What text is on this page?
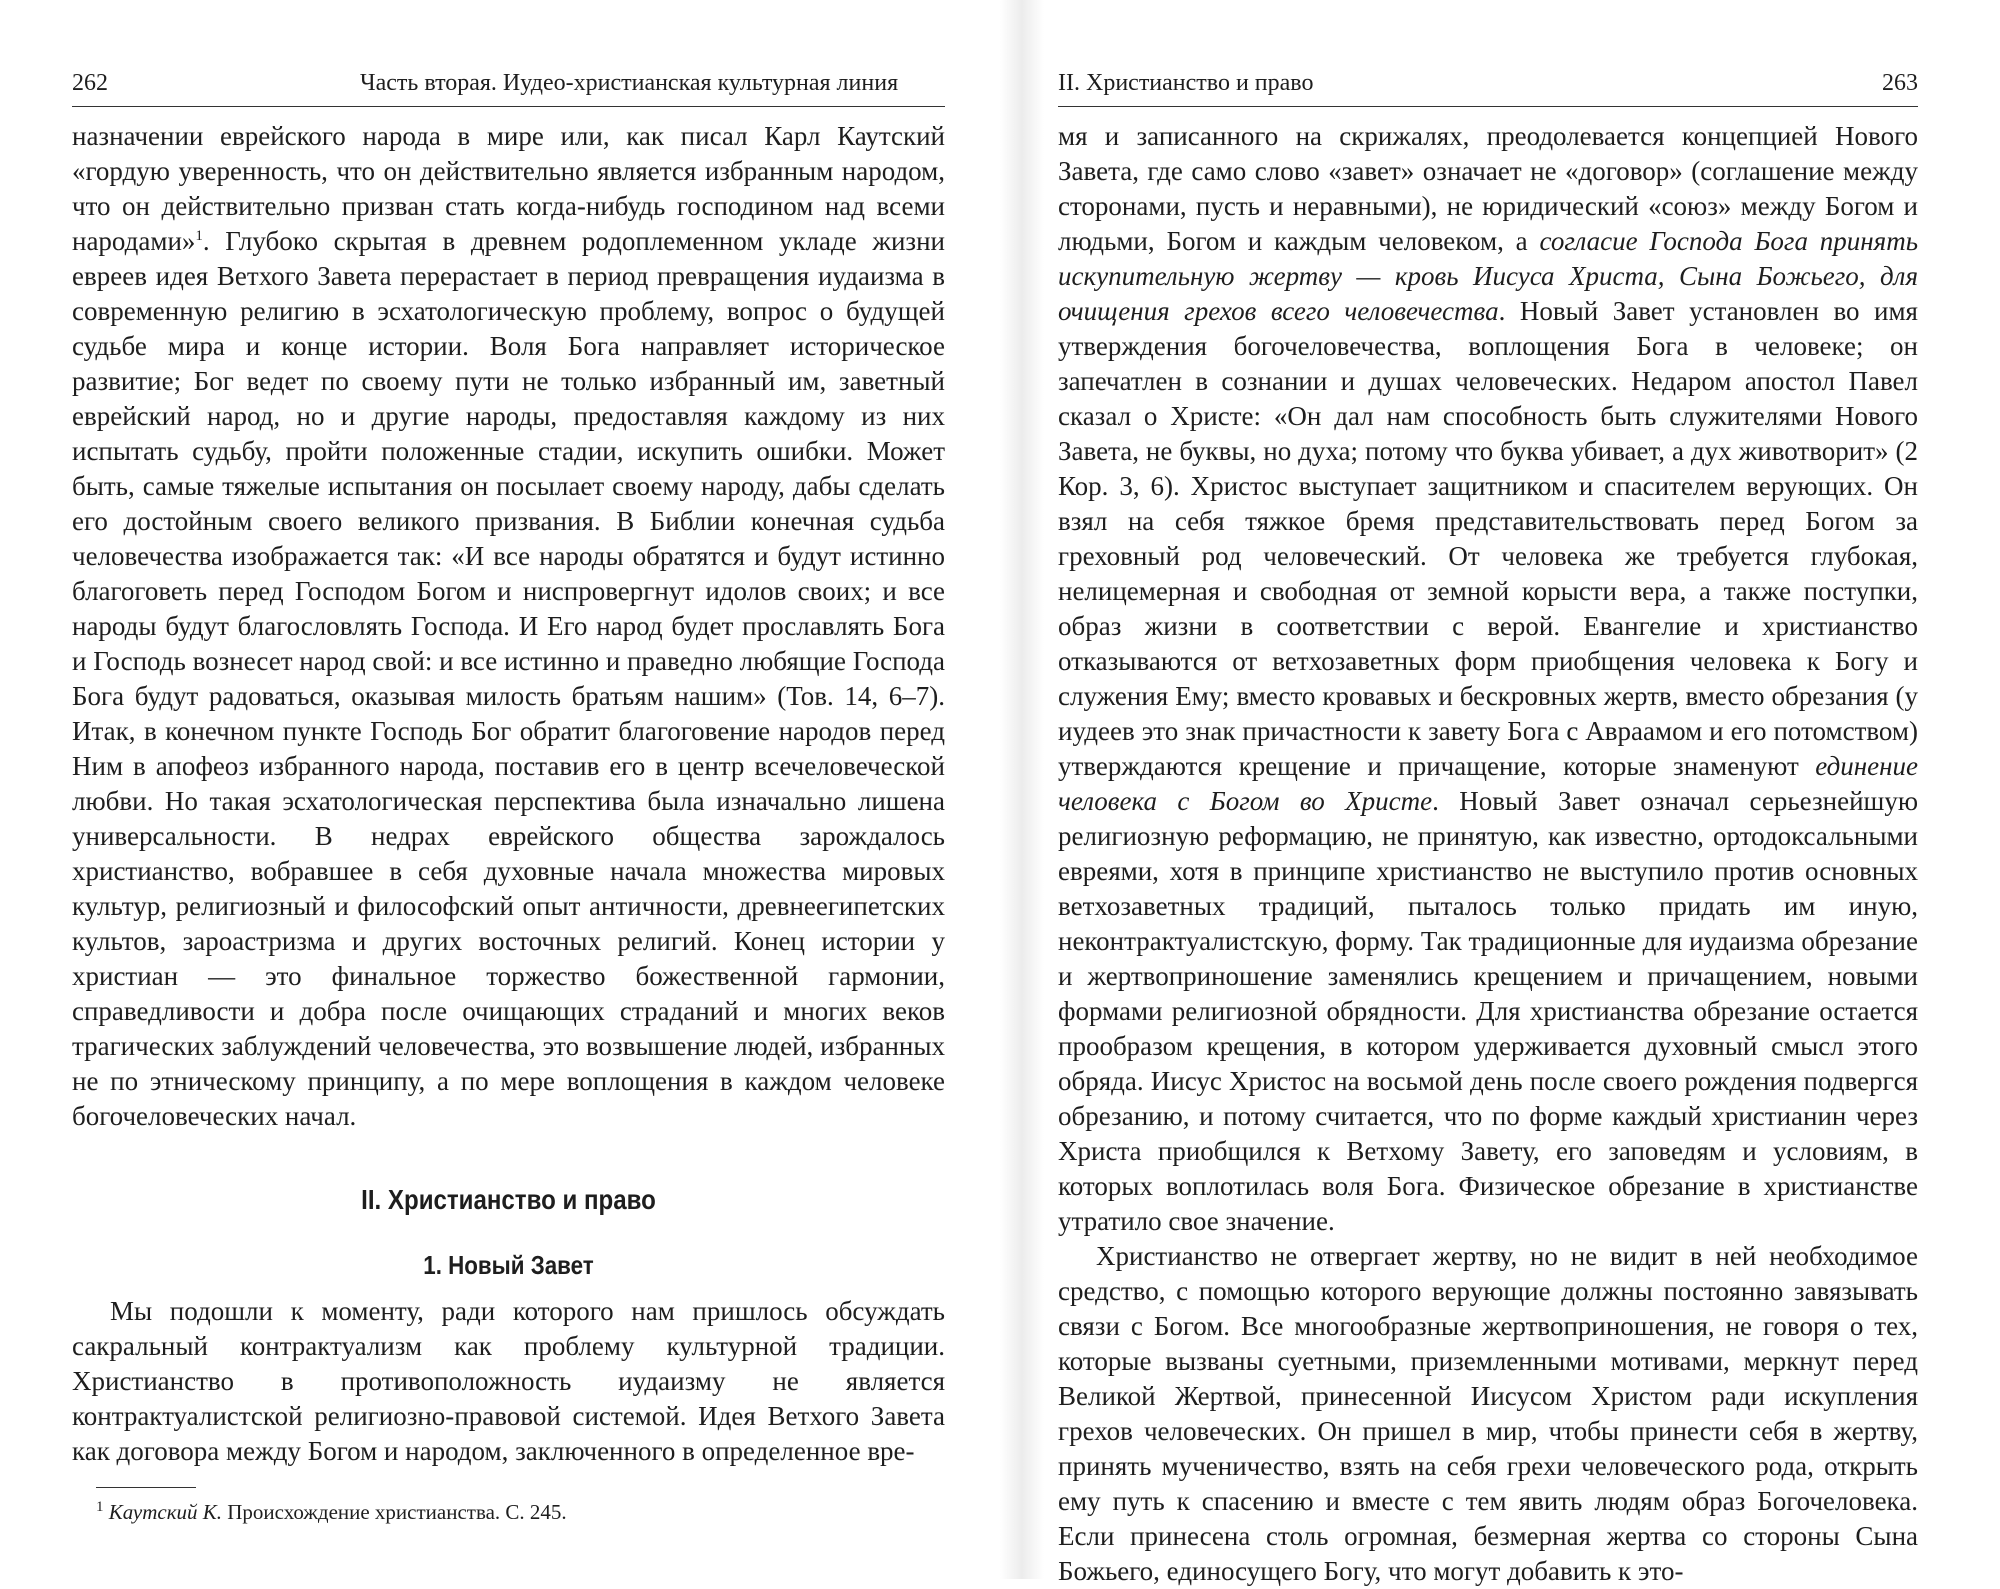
262	Часть вторая. Иудео-христианская культурная линия

назначении еврейского народа в мире или, как писал Карл Каутский «гордую уверенность, что он действительно является избранным народом, что он действительно призван стать когда-нибудь господином над всеми народами»$^1$. Глубоко скрытая в древнем родоплеменном укладе жизни евреев идея Ветхого Завета перерастает в период превращения иудаизма в современную религию в эсхатологическую проблему, вопрос о будущей судьбе мира и конце истории. Воля Бога направляет историческое развитие; Бог ведет по своему пути не только избранный им, заветный еврейский народ, но и другие народы, предоставляя каждому из них испытать судьбу, пройти положенные стадии, искупить ошибки. Может быть, самые тяжелые испытания он посылает своему народу, дабы сделать его достойным своего великого призвания. В Библии конечная судьба человечества изображается так: «И все народы обратятся и будут истинно благоговеть перед Господом Богом и ниспровергнут идолов своих; и все народы будут благословлять Господа. И Его народ будет прославлять Бога и Господь вознесет народ свой: и все истинно и праведно любящие Господа Бога будут радоваться, оказывая милость братьям нашим» (Тов. 14, 6–7). Итак, в конечном пункте Господь Бог обратит благоговение народов перед Ним в апофеоз избранного народа, поставив его в центр всечеловеческой любви. Но такая эсхатологическая перспектива была изначально лишена универсальности. В недрах еврейского общества зарождалось христианство, вобравшее в себя духовные начала множества мировых культур, религиозный и философский опыт античности, древнеегипетских культов, зароастризма и других восточных религий. Конец истории у христиан — это финальное торжество божественной гармонии, справедливости и добра после очищающих страданий и многих веков трагических заблуждений человечества, это возвышение людей, избранных не по этническому принципу, а по мере воплощения в каждом человеке богочеловеческих начал.

II. Христианство и право
1. Новый Завет

Мы подошли к моменту, ради которого нам пришлось обсуждать сакральный контрактуализм как проблему культурной традиции. Христианство в противоположность иудаизму не является контрактуалистской религиозно-правовой системой. Идея Ветхого Завета как договора между Богом и народом, заключенного в определенное вре-

$^1$ Каутский К. Происхождение христианства. С. 245.
II. Христианство и право	263

мя и записанного на скрижалях, преодолевается концепцией Нового Завета, где само слово «завет» означает не «договор» (соглашение между сторонами, пусть и неравными), не юридический «союз» между Богом и людьми, Богом и каждым человеком, а согласие Господа Бога принять искупительную жертву — кровь Иисуса Христа, Сына Божьего, для очищения грехов всего человечества. Новый Завет установлен во имя утверждения богочеловечества, воплощения Бога в человеке; он запечатлен в сознании и душах человеческих. Недаром апостол Павел сказал о Христе: «Он дал нам способность быть служителями Нового Завета, не буквы, но духа; потому что буква убивает, а дух животворит» (2 Кор. 3, 6). Христос выступает защитником и спасителем верующих. Он взял на себя тяжкое бремя представительствовать перед Богом за греховный род человеческий. От человека же требуется глубокая, нелицемерная и свободная от земной корысти вера, а также поступки, образ жизни в соответствии с верой. Евангелие и христианство отказываются от ветхозаветных форм приобщения человека к Богу и служения Ему; вместо кровавых и бескровных жертв, вместо обрезания (у иудеев это знак причастности к завету Бога с Авраамом и его потомством) утверждаются крещение и причащение, которые знаменуют единение человека с Богом во Христе. Новый Завет означал серьезнейшую религиозную реформацию, не принятую, как известно, ортодоксальными евреями, хотя в принципе христианство не выступило против основных ветхозаветных традиций, пыталось только придать им иную, неконтрактуалистскую, форму. Так традиционные для иудаизма обрезание и жертвоприношение заменялись крещением и причащением, новыми формами религиозной обрядности. Для христианства обрезание остается прообразом крещения, в котором удерживается духовный смысл этого обряда. Иисус Христос на восьмой день после своего рождения подвергся обрезанию, и потому считается, что по форме каждый христианин через Христа приобщился к Ветхому Завету, его заповедям и условиям, в которых воплотилась воля Бога. Физическое обрезание в христианстве утратило свое значение.

Христианство не отвергает жертву, но не видит в ней необходимое средство, с помощью которого верующие должны постоянно завязывать связи с Богом. Все многообразные жертвоприношения, не говоря о тех, которые вызваны суетными, приземленными мотивами, меркнут перед Великой Жертвой, принесенной Иисусом Христом ради искупления грехов человеческих. Он пришел в мир, чтобы принести себя в жертву, принять мученичество, взять на себя грехи человеческого рода, открыть ему путь к спасению и вместе с тем явить людям образ Богочеловека. Если принесена столь огромная, безмерная жертва со стороны Сына Божьего, единосущего Богу, что могут добавить к это-
